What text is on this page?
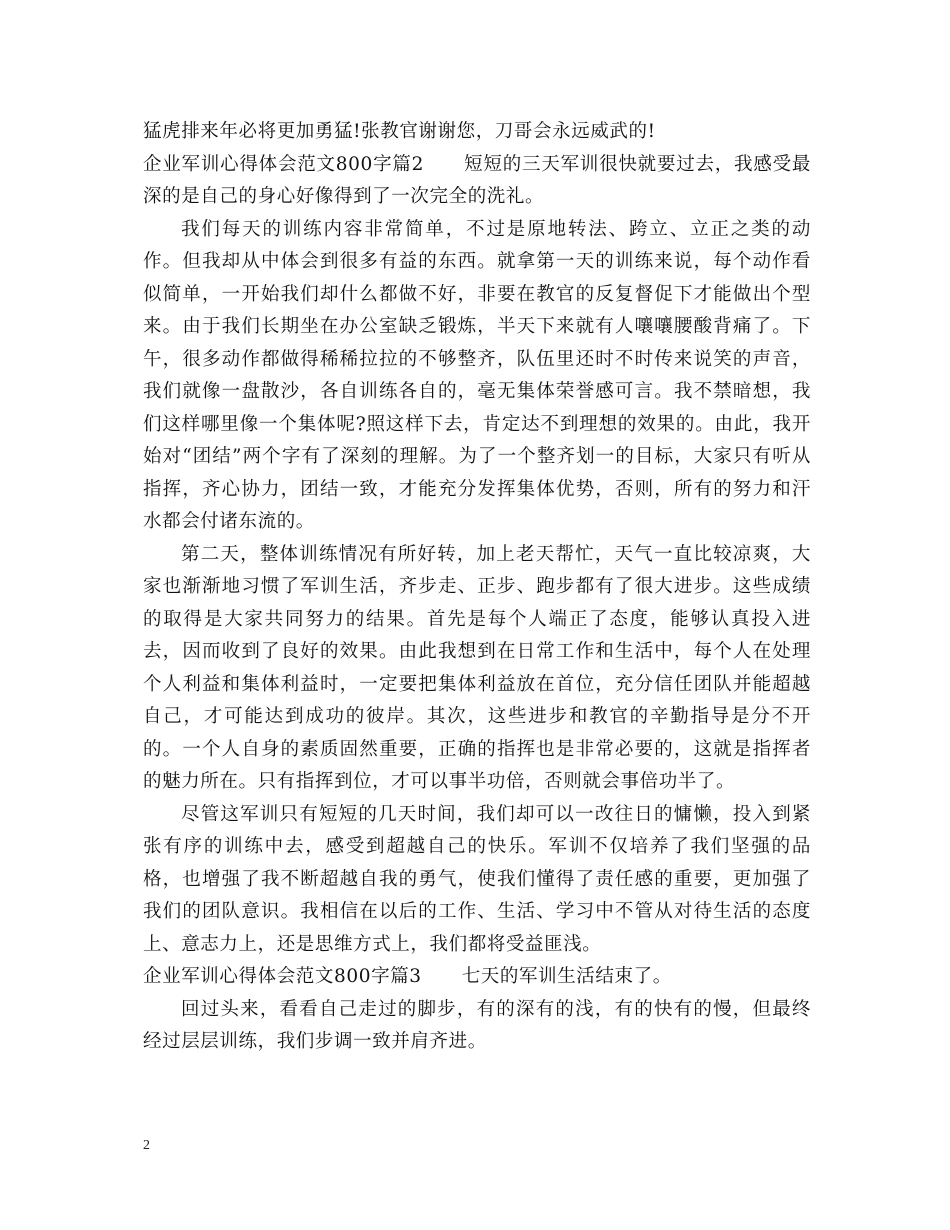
猛虎排来年必将更加勇猛!张教官谢谢您，刀哥会永远威武的!

企业军训心得体会范文800字篇2 短短的三天军训很快就要过去，我感受最深的是自己的身心好像得到了一次完全的洗礼。

我们每天的训练内容非常简单，不过是原地转法、跨立、立正之类的动作。但我却从中体会到很多有益的东西。就拿第一天的训练来说，每个动作看似简单，一开始我们却什么都做不好，非要在教官的反复督促下才能做出个型来。由于我们长期坐在办公室缺乏锻炼，半天下来就有人嚷嚷腰酸背痛了。下午，很多动作都做得稀稀拉拉的不够整齐，队伍里还时不时传来说笑的声音，我们就像一盘散沙，各自训练各自的，毫无集体荣誉感可言。我不禁暗想，我们这样哪里像一个集体呢?照这样下去，肯定达不到理想的效果的。由此，我开始对“团结”两个字有了深刻的理解。为了一个整齐划一的目标，大家只有听从指挥，齐心协力，团结一致，才能充分发挥集体优势，否则，所有的努力和汗水都会付诸东流的。

第二天，整体训练情况有所好转，加上老天帮忙，天气一直比较凉爽，大家也渐渐地习惯了军训生活，齐步走、正步、跑步都有了很大进步。这些成绩的取得是大家共同努力的结果。首先是每个人端正了态度，能够认真投入进去，因而收到了良好的效果。由此我想到在日常工作和生活中，每个人在处理个人利益和集体利益时，一定要把集体利益放在首位，充分信任团队并能超越自己，才可能达到成功的彼岸。其次，这些进步和教官的辛勤指导是分不开的。一个人自身的素质固然重要，正确的指挥也是非常必要的，这就是指挥者的魅力所在。只有指挥到位，才可以事半功倍，否则就会事倍功半了。

尽管这军训只有短短的几天时间，我们却可以一改往日的慵懒，投入到紧张有序的训练中去，感受到超越自己的快乐。军训不仅培养了我们坚强的品格，也增强了我不断超越自我的勇气，使我们懂得了责任感的重要，更加强了我们的团队意识。我相信在以后的工作、生活、学习中不管从对待生活的态度上、意志力上，还是思维方式上，我们都将受益匪浅。

企业军训心得体会范文800字篇3 七天的军训生活结束了。

回过头来，看看自己走过的脚步，有的深有的浅，有的快有的慢，但最终经过层层训练，我们步调一致并肩齐进。

2
